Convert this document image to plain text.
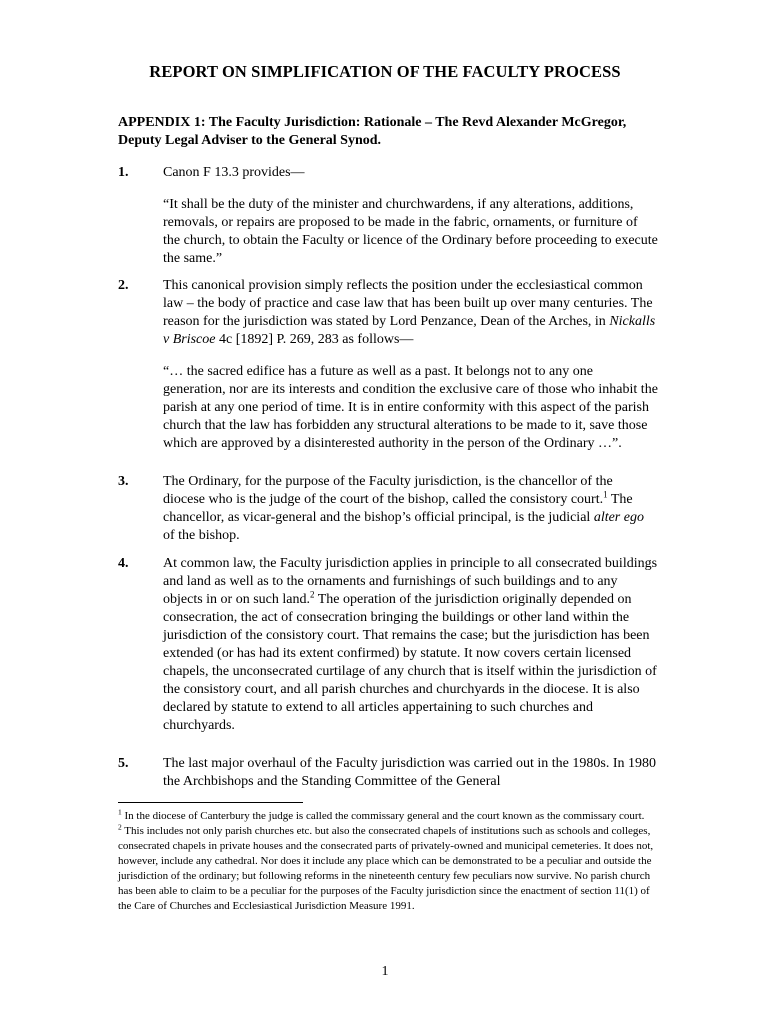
REPORT ON SIMPLIFICATION OF THE FACULTY PROCESS
APPENDIX 1: The Faculty Jurisdiction: Rationale – The Revd Alexander McGregor, Deputy Legal Adviser to the General Synod.
1. Canon F 13.3 provides—

“It shall be the duty of the minister and churchwardens, if any alterations, additions, removals, or repairs are proposed to be made in the fabric, ornaments, or furniture of the church, to obtain the Faculty or licence of the Ordinary before proceeding to execute the same.”

2. This canonical provision simply reflects the position under the ecclesiastical common law – the body of practice and case law that has been built up over many centuries. The reason for the jurisdiction was stated by Lord Penzance, Dean of the Arches, in Nickalls v Briscoe 4c [1892] P. 269, 283 as follows—

“… the sacred edifice has a future as well as a past. It belongs not to any one generation, nor are its interests and condition the exclusive care of those who inhabit the parish at any one period of time. It is in entire conformity with this aspect of the parish church that the law has forbidden any structural alterations to be made to it, save those which are approved by a disinterested authority in the person of the Ordinary …”.

3. The Ordinary, for the purpose of the Faculty jurisdiction, is the chancellor of the diocese who is the judge of the court of the bishop, called the consistory court.$^1$ The chancellor, as vicar-general and the bishop’s official principal, is the judicial alter ego of the bishop.

4. At common law, the Faculty jurisdiction applies in principle to all consecrated buildings and land as well as to the ornaments and furnishings of such buildings and to any objects in or on such land.$^2$ The operation of the jurisdiction originally depended on consecration, the act of consecration bringing the buildings or other land within the jurisdiction of the consistory court. That remains the case; but the jurisdiction has been extended (or has had its extent confirmed) by statute. It now covers certain licensed chapels, the unconsecrated curtilage of any church that is itself within the jurisdiction of the consistory court, and all parish churches and churchyards in the diocese. It is also declared by statute to extend to all articles appertaining to such churches and churchyards.

5. The last major overhaul of the Faculty jurisdiction was carried out in the 1980s. In 1980 the Archbishops and the Standing Committee of the General

$^1$ In the diocese of Canterbury the judge is called the commissary general and the court known as the commissary court.

$^2$ This includes not only parish churches etc. but also the consecrated chapels of institutions such as schools and colleges, consecrated chapels in private houses and the consecrated parts of privately-owned and municipal cemeteries. It does not, however, include any cathedral. Nor does it include any place which can be demonstrated to be a peculiar and outside the jurisdiction of the ordinary; but following reforms in the nineteenth century few peculiars now survive. No parish church has been able to claim to be a peculiar for the purposes of the Faculty jurisdiction since the enactment of section 11(1) of the Care of Churches and Ecclesiastical Jurisdiction Measure 1991.

1
